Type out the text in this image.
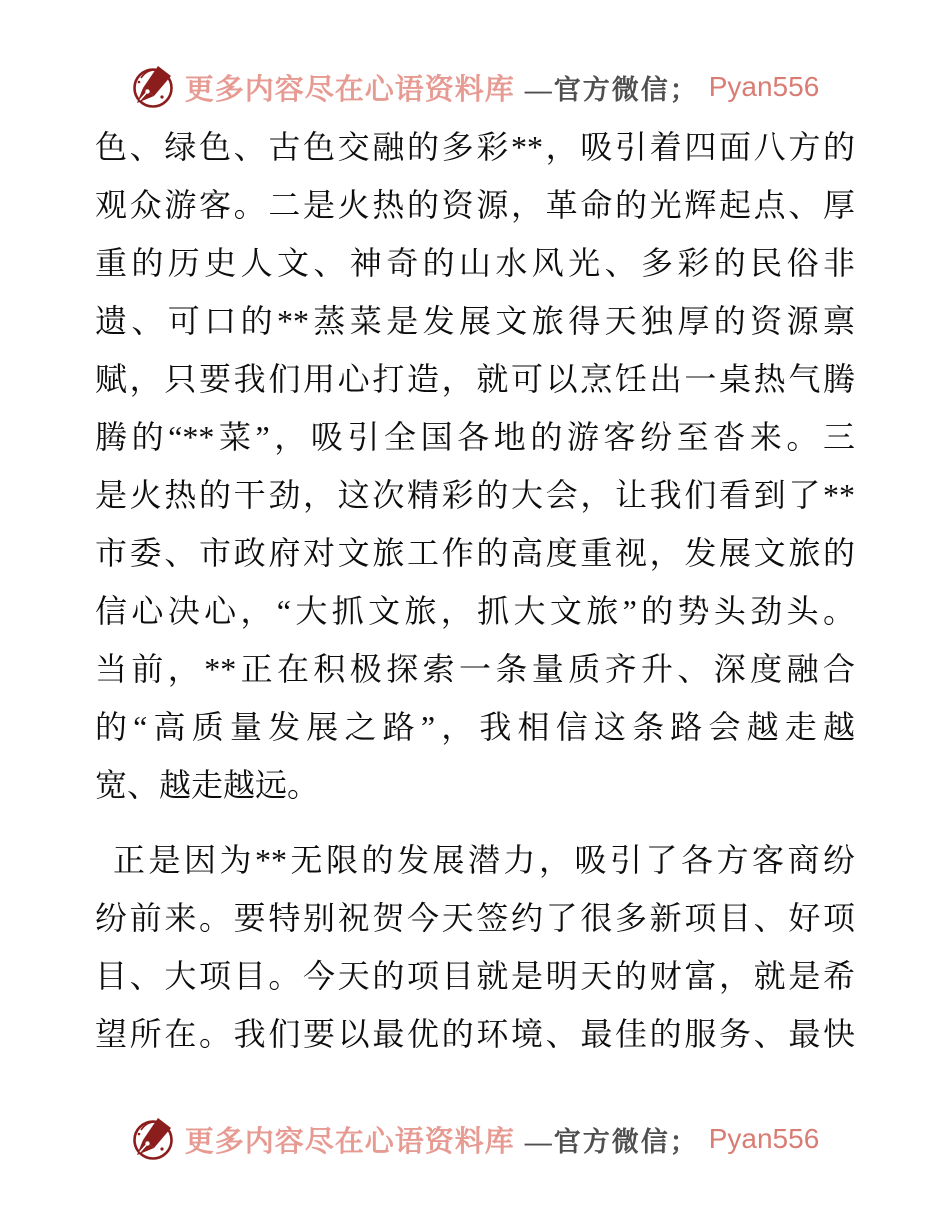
更多内容尽在心语资料库 —官方微信； Pyan556
色、绿色、古色交融的多彩**，吸引着四面八方的
观众游客。二是火热的资源，革命的光辉起点、厚
重的历史人文、神奇的山水风光、多彩的民俗非
遗、可口的**蒸菜是发展文旅得天独厚的资源禀
赋，只要我们用心打造，就可以烹饪出一桌热气腾
腾的“**菜”，吸引全国各地的游客纷至沓来。三
是火热的干劲，这次精彩的大会，让我们看到了**
市委、市政府对文旅工作的高度重视，发展文旅的
信心决心，“大抓文旅，抓大文旅”的势头劲头。
当前，**正在积极探索一条量质齐升、深度融合
的“高质量发展之路”，我相信这条路会越走越
宽、越走越远。
正是因为**无限的发展潜力，吸引了各方客商纷
纷前来。要特别祝贺今天签约了很多新项目、好项
目、大项目。今天的项目就是明天的财富，就是希
望所在。我们要以最优的环境、最佳的服务、最快
更多内容尽在心语资料库 —官方微信； Pyan556
